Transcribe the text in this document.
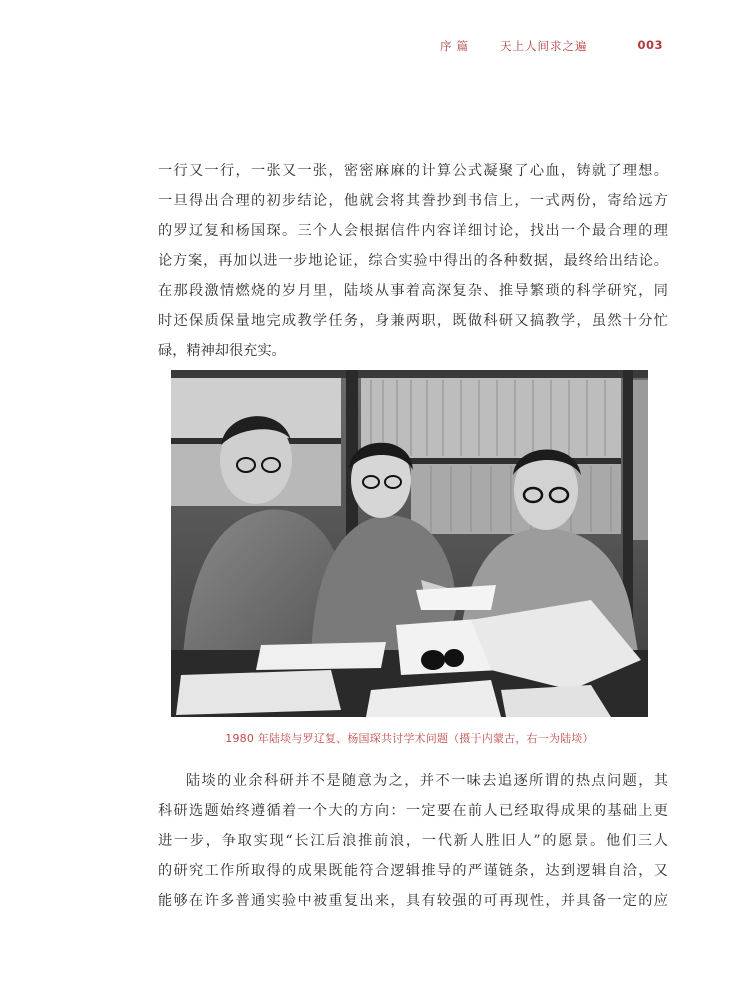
序篇 天上人间求之遍	003
一行又一行，一张又一张，密密麻麻的计算公式凝聚了心血，铸就了理想。
一旦得出合理的初步结论，他就会将其誊抄到书信上，一式两份，寄给远方
的罗辽复和杨国琛。三个人会根据信件内容详细讨论，找出一个最合理的理
论方案，再加以进一步地论证，综合实验中得出的各种数据，最终给出结论。
在那段激情燃烧的岁月里，陆埮从事着高深复杂、推导繁琐的科学研究，同
时还保质保量地完成教学任务，身兼两职，既做科研又搞教学，虽然十分忙
碌，精神却很充实。
1980 年陆埮与罗辽复、杨国琛共讨学术问题（摄于内蒙古，右一为陆埮）
陆埮的业余科研并不是随意为之，并不一味去追逐所谓的热点问题，其
科研选题始终遵循着一个大的方向：一定要在前人已经取得成果的基础上更
进一步，争取实现“长江后浪推前浪，一代新人胜旧人”的愿景。他们三人
的研究工作所取得的成果既能符合逻辑推导的严谨链条，达到逻辑自洽，又
能够在许多普通实验中被重复出来，具有较强的可再现性，并具备一定的应
